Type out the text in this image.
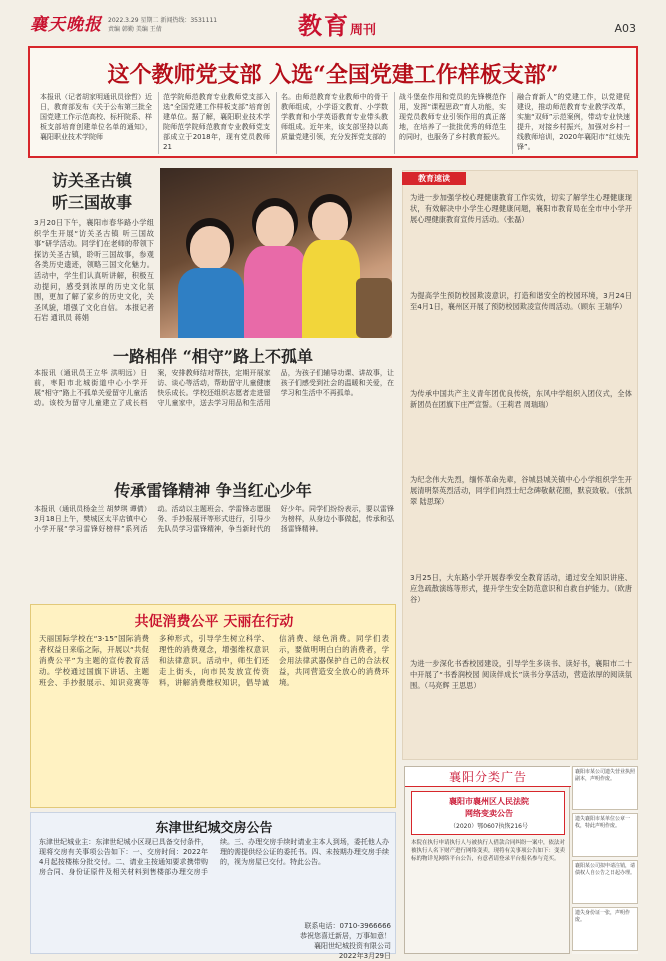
襄天晚报 2022.3.29 星期二 新闻热线：3531111
责编 韩勤 美编 王倩	教育周刊	A03
这个教师党支部 入选“全国党建工作样板支部”
本报讯（记者胡家明通讯员徐哲）近日，教育部发布《关于公布第三批全国党建工作示范高校、标杆院系、样板支部培育创建单位名单的通知》，襄阳职业技术学院师
范学院师范教育专业教师党支部入选“全国党建工作样板支部”培育创建单位。据了解，襄阳职业技术学院师范学院师范教育专业教师党支部成立于2018年，现有党员教师21
名。由师范教育专业教师中的骨干教师组成，小学语文教育、小学数学教育和小学英语教育专业带头教师组成。近年来，该支部坚持以高质量党建引领，充分发挥党支部的
战斗堡垒作用和党员的先锋模范作用，发挥“课程思政”育人功能，实现党员教师专业引领作用的真正落地，在培养了一批批优秀的师范生的同时，也服务了乡村教育振兴。
融合育新人”的党建工作，以党建促建设，推动师范教育专业教学改革，实施“双师”示范案例，带动专业快速提升，对接乡村振兴，加强对乡村一线教师培训，2020年襄阳市“红烛先锋”。
访关圣古镇
听三国故事
3月20日下午，襄阳市春华路小学组织学生开展“访关圣古镇 听三国故事”研学活动。同学们在老师的带领下探访关圣古镇，聆听三国故事，参观各类历史遗迹，领略三国文化魅力。活动中，学生们认真听讲解，积极互动提问，感受到浓厚的历史文化氛围，更加了解了家乡的历史文化，关圣风貌，增强了文化自信。 本报记者 石岩 通讯员 蒋娟
一路相伴 “相守”路上不孤单
本报讯（通讯员王立华 洪明远）日前，枣阳市北城街道中心小学开展“相守”路上不孤单关爱留守儿童活动。该校为留守儿童建立了成长档案，安排教师结对帮扶，定期开展家访、谈心等活动，帮助留守儿童健康快乐成长。学校还组织志愿者走进留守儿童家中，送去学习用品和生活用品，为孩子们辅导功课、讲故事，让孩子们感受到社会的温暖和关爱，在学习和生活中不再孤单。
传承雷锋精神 争当红心少年
本报讯（通讯员杨金兰 胡梦琪 谭倩）3月18日上午，樊城区太平店镇中心小学开展“学习雷锋好榜样”系列活动。活动以主题班会、学雷锋志愿服务、手抄报展评等形式进行，引导少先队员学习雷锋精神，争当新时代的好少年。同学们纷纷表示，要以雷锋为榜样，从身边小事做起，传承和弘扬雷锋精神。
共促消费公平 天丽在行动
天丽国际学校在“3·15”国际消费者权益日来临之际，开展以“共促消费公平”为主题的宣传教育活动。学校通过国旗下讲话、主题班会、手抄报展示、知识竞赛等多种形式，引导学生树立科学、理性的消费观念，增强维权意识和法律意识。活动中，师生们还走上街头，向市民发放宣传资料，讲解消费维权知识，倡导诚信消费、绿色消费。同学们表示，要做明明白白的消费者，学会用法律武器保护自己的合法权益，共同营造安全放心的消费环境。
东津世纪城交房公告
东津世纪城业主：东津世纪城小区现已具备交付条件，现将交房有关事项公告如下：一、交房时间：2022年4月起按楼栋分批交付。二、请业主按通知要求携带购房合同、身份证原件及相关材料到售楼部办理交房手续。三、办理交房手续时请业主本人到场，委托他人办理的需提供经公证的委托书。四、未按期办理交房手续的，视为房屋已交付。特此公告。
联系电话：0710-3966666
恭祝您喜迁新居，万事如意！
襄阳世纪城投资有限公司
2022年3月29日
教育速读
为进一步加强学校心理健康教育工作实效，切实了解学生心理健康现状，有效解决中小学生心理健康问题，襄阳市教育局在全市中小学开展心理健康教育宣传月活动。（张磊）
为提高学生预防校园欺凌意识，打造和谐安全的校园环境，3月24日至4月1日，襄州区开展了预防校园欺凌宣传周活动。（顾东 王瑞华）
为传承中国共产主义青年团优良传统，东风中学组织入团仪式，全体新团员在团旗下庄严宣誓。（王莉君 周瑞瑞）
为纪念伟大先烈，缅怀革命先辈，谷城县城关镇中心小学组织学生开展清明祭英烈活动，同学们向烈士纪念碑敬献花圈，默哀致敬。（张凯 翠 陆思琛）
3月25日，大东路小学开展春季安全教育活动，通过安全知识讲座、应急疏散演练等形式，提升学生安全防范意识和自救自护能力。（欧唐谷）
为进一步深化书香校园建设，引导学生多读书、读好书，襄阳市二十中开展了“书香润校园 阅读伴成长”读书分享活动，营造浓厚的阅读氛围。（马亮辉 王思思）
襄阳分类广告
襄阳市襄州区人民法院
网络变卖公告
（2020）鄂0607执恢216号
本院在执行申请执行人与被执行人借款合同纠纷一案中，依法对被执行人名下财产进行网络变卖，现将有关事项公告如下：变卖标的物详见网络平台公告，有意者请登录平台报名参与竞买。
襄阳市某公司遗失营业执照副本，声明作废。
遗失襄阳市某单位公章一枚，特此声明作废。
襄阳某公司拟申请注销，请债权人自公告之日起办理。
遗失身份证一张，声明作废。
